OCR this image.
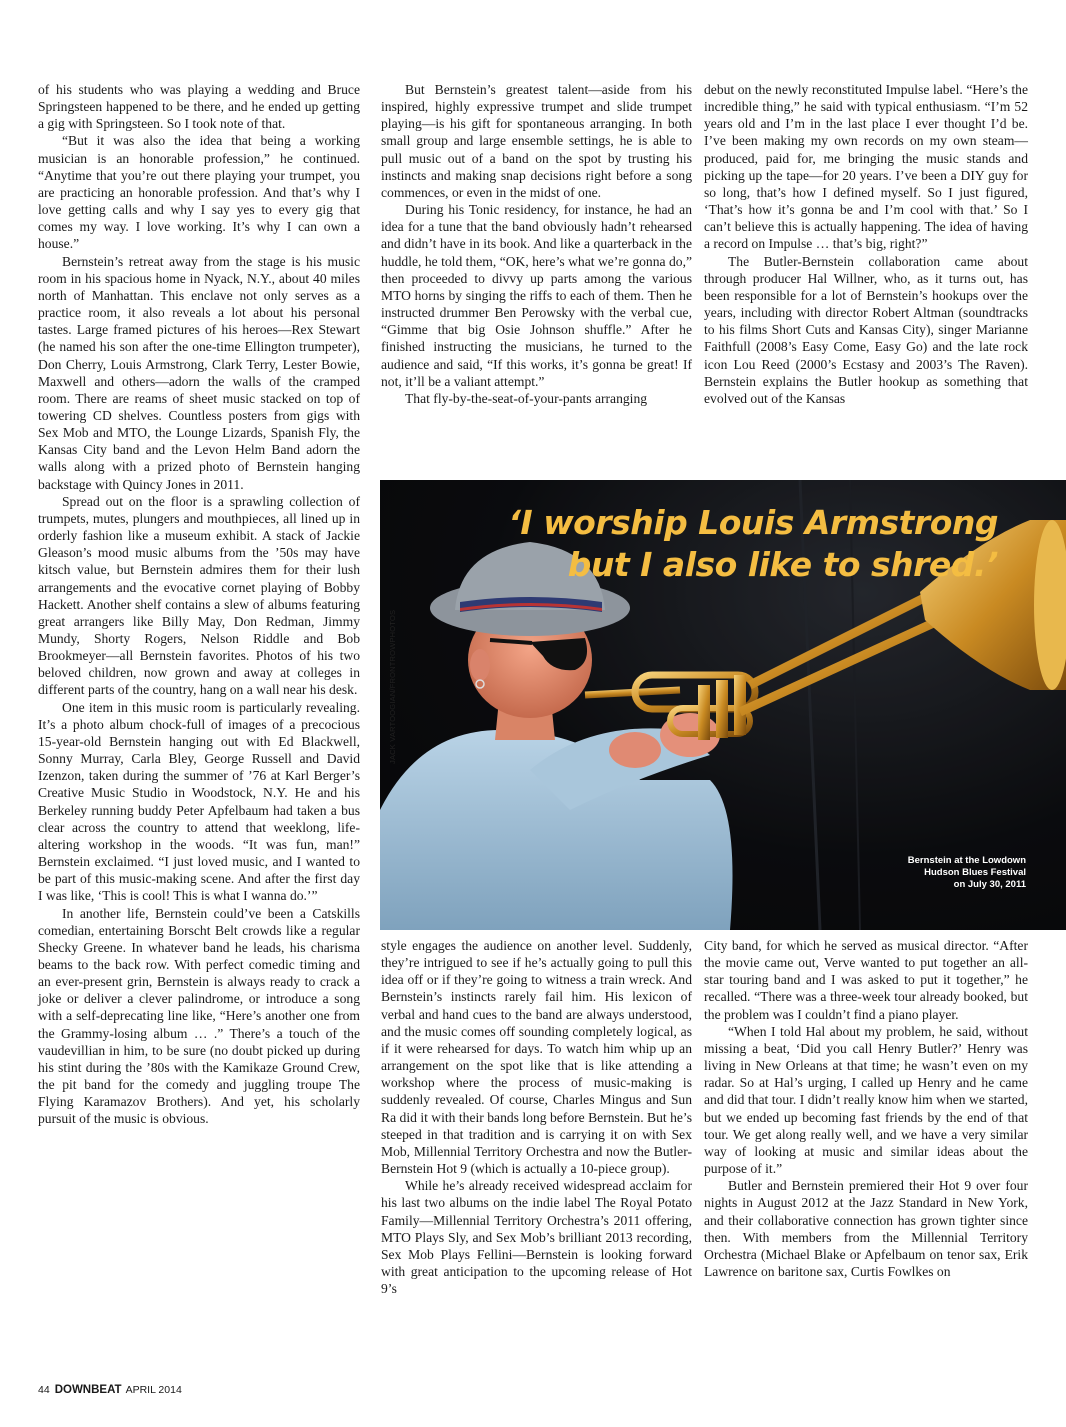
of his students who was playing a wedding and Bruce Springsteen happened to be there, and he ended up getting a gig with Springsteen. So I took note of that.

“But it was also the idea that being a working musician is an honorable profession,” he continued. “Anytime that you’re out there playing your trumpet, you are practicing an honorable profession. And that’s why I love getting calls and why I say yes to every gig that comes my way. I love working. It’s why I can own a house.”

Bernstein’s retreat away from the stage is his music room in his spacious home in Nyack, N.Y., about 40 miles north of Manhattan. This enclave not only serves as a practice room, it also reveals a lot about his personal tastes. Large framed pictures of his heroes—Rex Stewart (he named his son after the one-time Ellington trumpeter), Don Cherry, Louis Armstrong, Clark Terry, Lester Bowie, Maxwell and others—adorn the walls of the cramped room. There are reams of sheet music stacked on top of towering CD shelves. Countless posters from gigs with Sex Mob and MTO, the Lounge Lizards, Spanish Fly, the Kansas City band and the Levon Helm Band adorn the walls along with a prized photo of Bernstein hanging backstage with Quincy Jones in 2011.

Spread out on the floor is a sprawling collection of trumpets, mutes, plungers and mouthpieces, all lined up in orderly fashion like a museum exhibit. A stack of Jackie Gleason’s mood music albums from the ’50s may have kitsch value, but Bernstein admires them for their lush arrangements and the evocative cornet playing of Bobby Hackett. Another shelf contains a slew of albums featuring great arrangers like Billy May, Don Redman, Jimmy Mundy, Shorty Rogers, Nelson Riddle and Bob Brookmeyer—all Bernstein favorites. Photos of his two beloved children, now grown and away at colleges in different parts of the country, hang on a wall near his desk.

One item in this music room is particularly revealing. It’s a photo album chock-full of images of a precocious 15-year-old Bernstein hanging out with Ed Blackwell, Sonny Murray, Carla Bley, George Russell and David Izenzon, taken during the summer of ’76 at Karl Berger’s Creative Music Studio in Woodstock, N.Y. He and his Berkeley running buddy Peter Apfelbaum had taken a bus clear across the country to attend that weeklong, life-altering workshop in the woods. “It was fun, man!” Bernstein exclaimed. “I just loved music, and I wanted to be part of this music-making scene. And after the first day I was like, ‘This is cool! This is what I wanna do.’”

In another life, Bernstein could’ve been a Catskills comedian, entertaining Borscht Belt crowds like a regular Shecky Greene. In whatever band he leads, his charisma beams to the back row. With perfect comedic timing and an ever-present grin, Bernstein is always ready to crack a joke or deliver a clever palindrome, or introduce a song with a self-deprecating line like, “Here’s another one from the Grammy-losing album … .” There’s a touch of the vaudevillian in him, to be sure (no doubt picked up during his stint during the ’80s with the Kamikaze Ground Crew, the pit band for the comedy and juggling troupe The Flying Karamazov Brothers). And yet, his scholarly pursuit of the music is obvious.

But Bernstein’s greatest talent—aside from his inspired, highly expressive trumpet and slide trumpet playing—is his gift for spontaneous arranging. In both small group and large ensemble settings, he is able to pull music out of a band on the spot by trusting his instincts and making snap decisions right before a song commences, or even in the midst of one.

During his Tonic residency, for instance, he had an idea for a tune that the band obviously hadn’t rehearsed and didn’t have in its book. And like a quarterback in the huddle, he told them, “OK, here’s what we’re gonna do,” then proceeded to divvy up parts among the various MTO horns by singing the riffs to each of them. Then he instructed drummer Ben Perowsky with the verbal cue, “Gimme that big Osie Johnson shuffle.” After he finished instructing the musicians, he turned to the audience and said, “If this works, it’s gonna be great! If not, it’ll be a valiant attempt.”

That fly-by-the-seat-of-your-pants arranging

debut on the newly reconstituted Impulse label. “Here’s the incredible thing,” he said with typical enthusiasm. “I’m 52 years old and I’m in the last place I ever thought I’d be. I’ve been making my own records on my own steam—produced, paid for, me bringing the music stands and picking up the tape—for 20 years. I’ve been a DIY guy for so long, that’s how I defined myself. So I just figured, ‘That’s how it’s gonna be and I’m cool with that.’ So I can’t believe this is actually happening. The idea of having a record on Impulse … that’s big, right?”

The Butler-Bernstein collaboration came about through producer Hal Willner, who, as it turns out, has been responsible for a lot of Bernstein’s hookups over the years, including with director Robert Altman (soundtracks to his films Short Cuts and Kansas City), singer Marianne Faithfull (2008’s Easy Come, Easy Go) and the late rock icon Lou Reed (2000’s Ecstasy and 2003’s The Raven). Bernstein explains the Butler hookup as something that evolved out of the Kansas

‘I worship Louis Armstrong
but I also like to shred.’
Bernstein at the Lowdown
Hudson Blues Festival
on July 30, 2011
JACK VARTOOGIAN/FRONTROWPHOTOS

style engages the audience on another level. Suddenly, they’re intrigued to see if he’s actually going to pull this idea off or if they’re going to witness a train wreck. And Bernstein’s instincts rarely fail him. His lexicon of verbal and hand cues to the band are always understood, and the music comes off sounding completely logical, as if it were rehearsed for days. To watch him whip up an arrangement on the spot like that is like attending a workshop where the process of music-making is suddenly revealed. Of course, Charles Mingus and Sun Ra did it with their bands long before Bernstein. But he’s steeped in that tradition and is carrying it on with Sex Mob, Millennial Territory Orchestra and now the Butler-Bernstein Hot 9 (which is actually a 10-piece group).

While he’s already received widespread acclaim for his last two albums on the indie label The Royal Potato Family—Millennial Territory Orchestra’s 2011 offering, MTO Plays Sly, and Sex Mob’s brilliant 2013 recording, Sex Mob Plays Fellini—Bernstein is looking forward with great anticipation to the upcoming release of Hot 9’s

City band, for which he served as musical director. “After the movie came out, Verve wanted to put together an all-star touring band and I was asked to put it together,” he recalled. “There was a three-week tour already booked, but the problem was I couldn’t find a piano player.

“When I told Hal about my problem, he said, without missing a beat, ‘Did you call Henry Butler?’ Henry was living in New Orleans at that time; he wasn’t even on my radar. So at Hal’s urging, I called up Henry and he came and did that tour. I didn’t really know him when we started, but we ended up becoming fast friends by the end of that tour. We get along really well, and we have a very similar way of looking at music and similar ideas about the purpose of it.”

Butler and Bernstein premiered their Hot 9 over four nights in August 2012 at the Jazz Standard in New York, and their collaborative connection has grown tighter since then. With members from the Millennial Territory Orchestra (Michael Blake or Apfelbaum on tenor sax, Erik Lawrence on baritone sax, Curtis Fowlkes on

44 DOWNBEAT APRIL 2014
